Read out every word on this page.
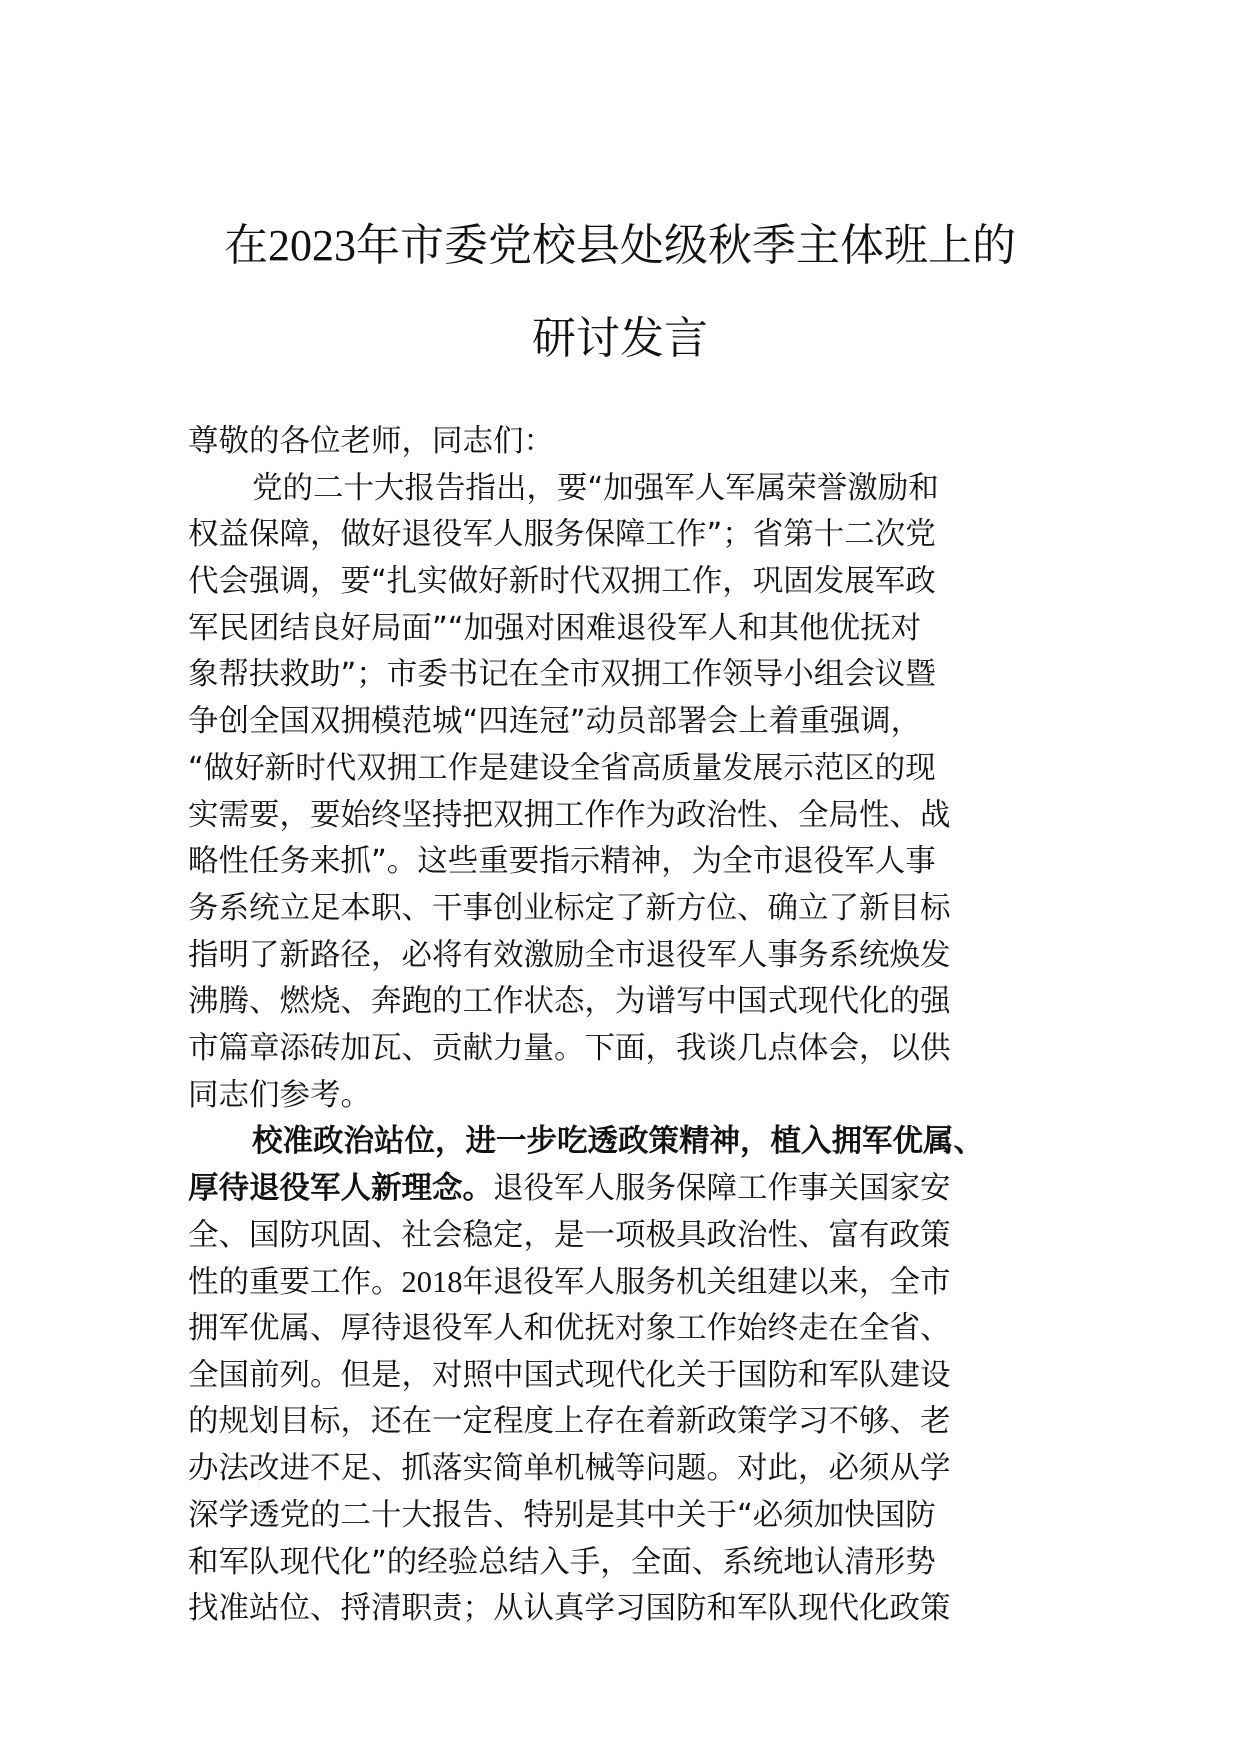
在2023年市委党校县处级秋季主体班上的
研讨发言
尊敬的各位老师，同志们：
党的二十大报告指出，要“加强军人军属荣誉激励和
权益保障，做好退役军人服务保障工作”；省第十二次党
代会强调，要“扎实做好新时代双拥工作，巩固发展军政
军民团结良好局面”“加强对困难退役军人和其他优抚对
象帮扶救助”；市委书记在全市双拥工作领导小组会议暨
争创全国双拥模范城“四连冠”动员部署会上着重强调，
“做好新时代双拥工作是建设全省高质量发展示范区的现
实需要，要始终坚持把双拥工作作为政治性、全局性、战
略性任务来抓”。这些重要指示精神，为全市退役军人事
务系统立足本职、干事创业标定了新方位、确立了新目标
指明了新路径，必将有效激励全市退役军人事务系统焕发
沸腾、燃烧、奔跑的工作状态，为谱写中国式现代化的强
市篇章添砖加瓦、贡献力量。下面，我谈几点体会，以供
同志们参考。
校准政治站位，进一步吃透政策精神，植入拥军优属、
厚待退役军人新理念。退役军人服务保障工作事关国家安
全、国防巩固、社会稳定，是一项极具政治性、富有政策
性的重要工作。2018年退役军人服务机关组建以来，全市
拥军优属、厚待退役军人和优抚对象工作始终走在全省、
全国前列。但是，对照中国式现代化关于国防和军队建设
的规划目标，还在一定程度上存在着新政策学习不够、老
办法改进不足、抓落实简单机械等问题。对此，必须从学
深学透党的二十大报告、特别是其中关于“必须加快国防
和军队现代化”的经验总结入手，全面、系统地认清形势
找准站位、捋清职责；从认真学习国防和军队现代化政策
